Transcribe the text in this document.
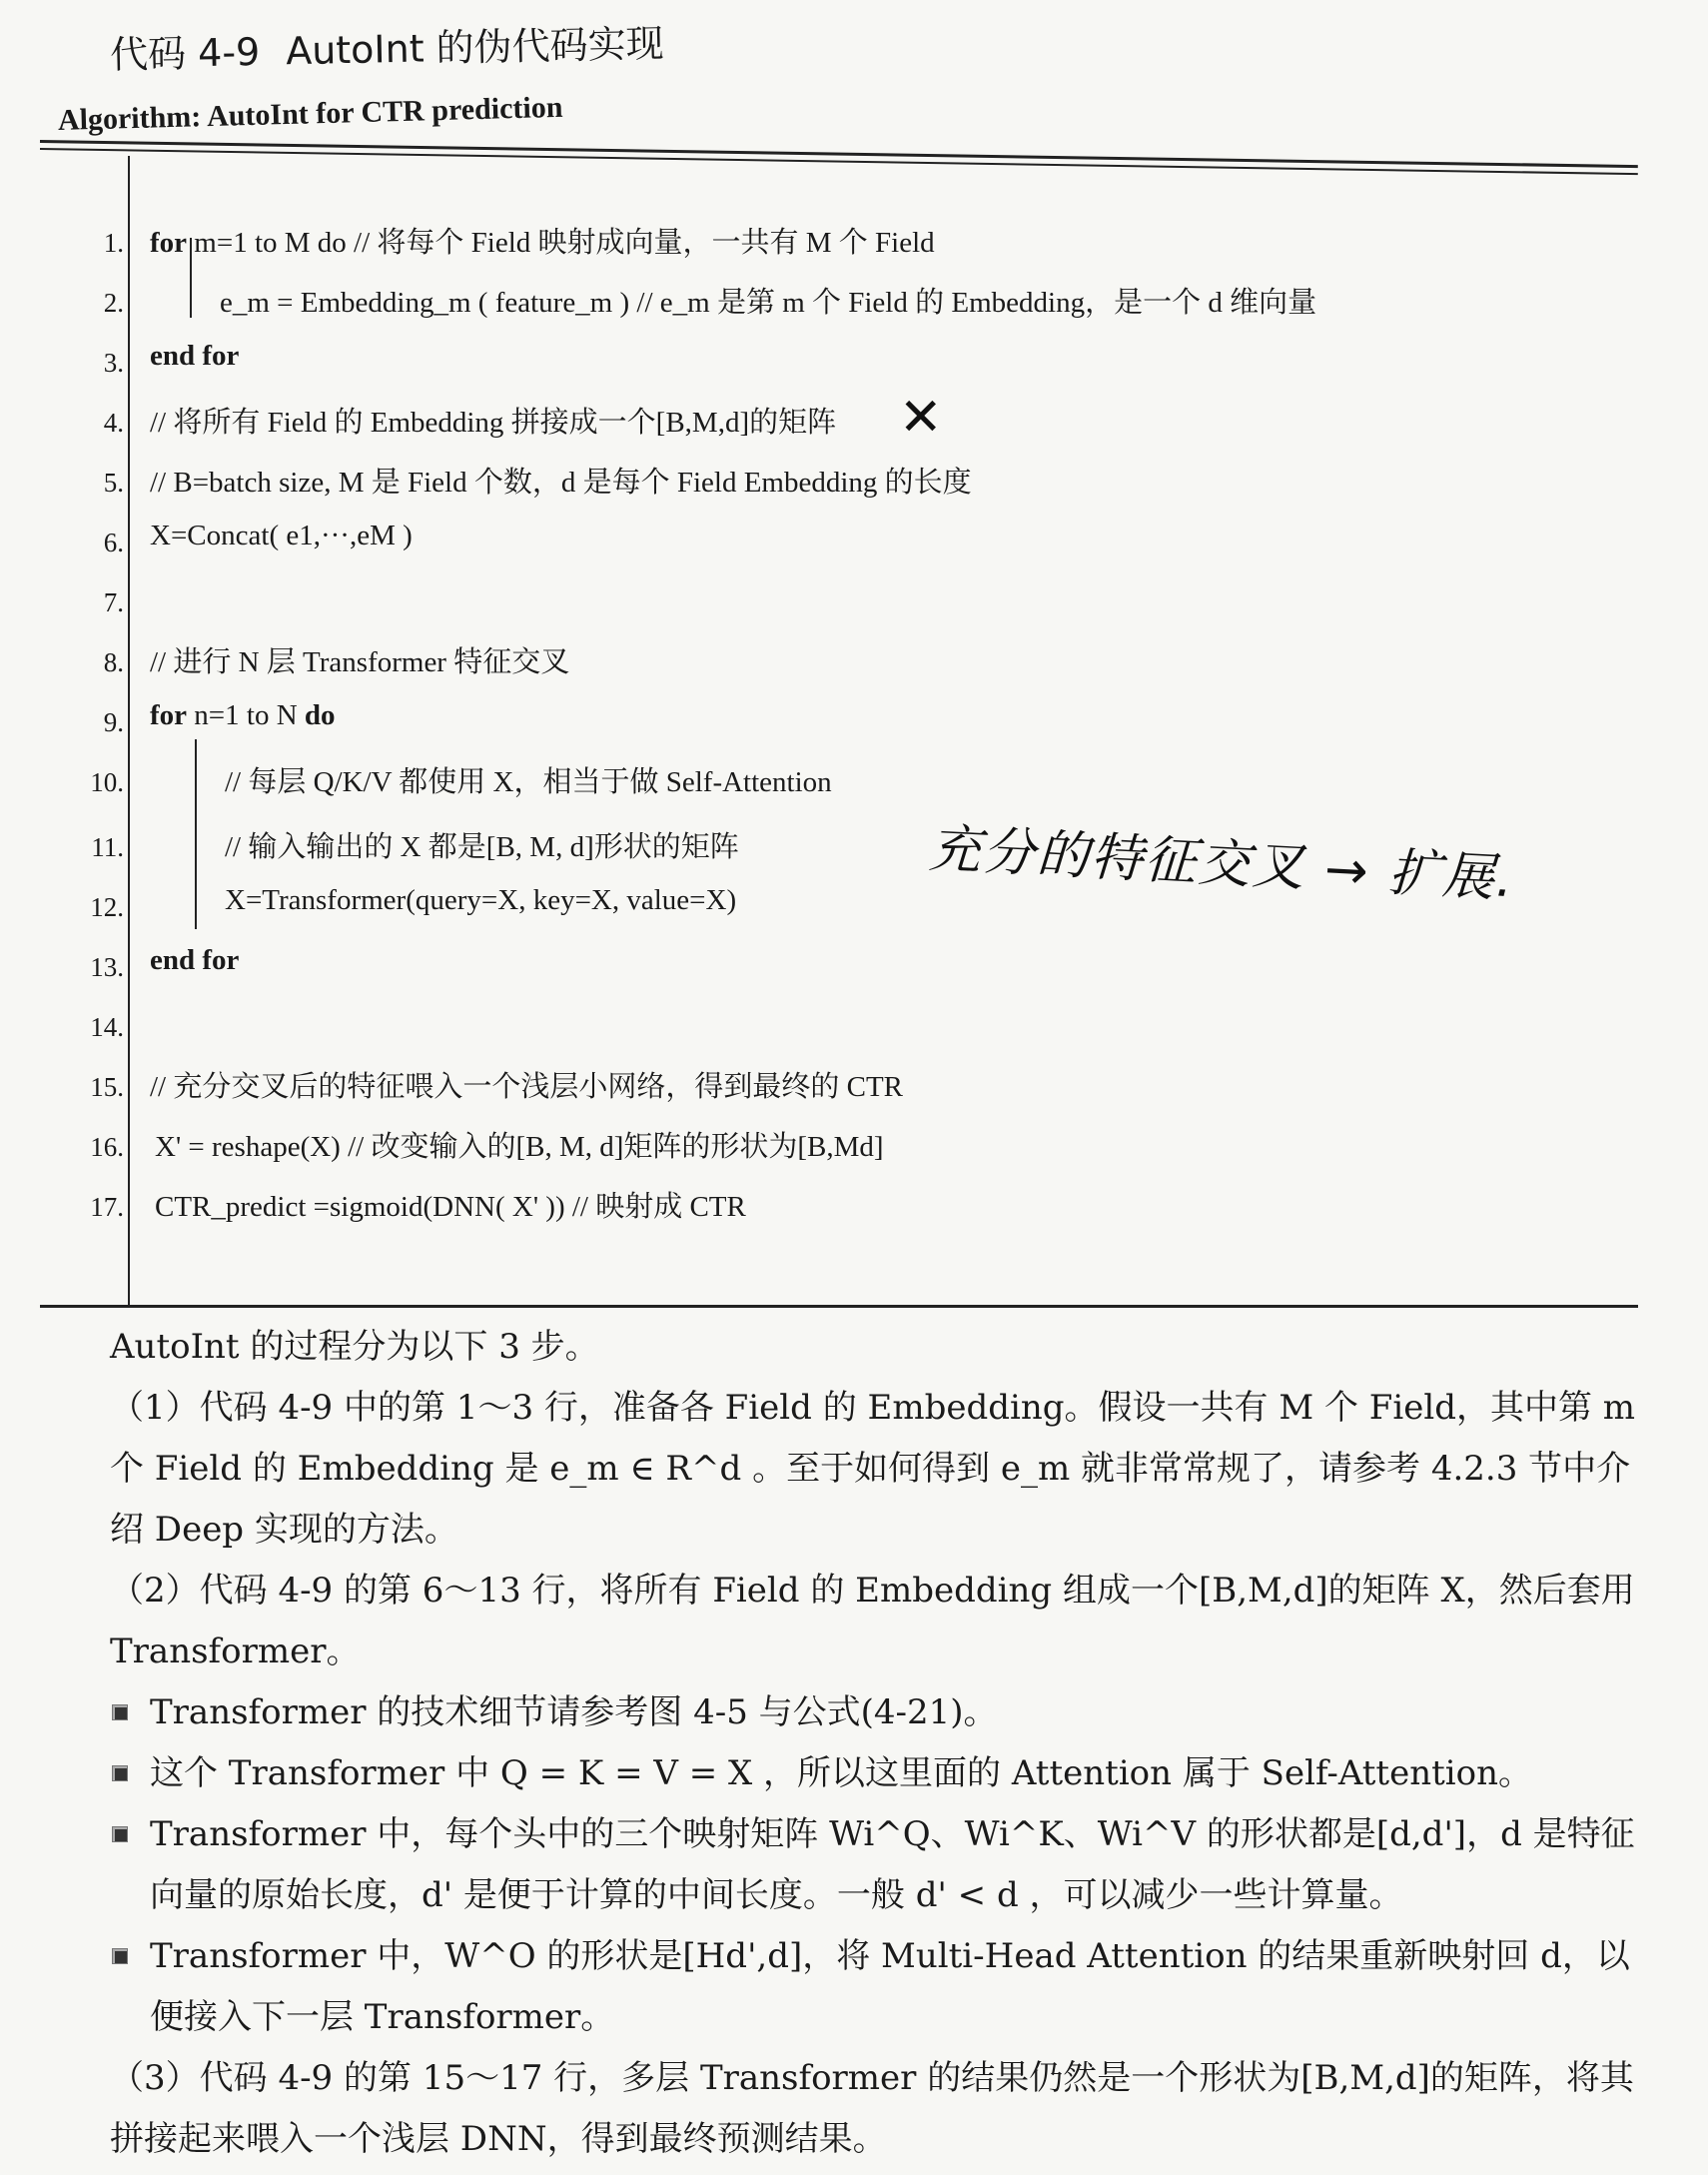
代码 4-9 AutoInt 的伪代码实现
Algorithm: AutoInt for CTR prediction
1. for m=1 to M do // 将每个 Field 映射成向量，一共有 M 个 Field
2.	e_m = Embedding_m ( feature_m ) // e_m 是第 m 个 Field 的 Embedding，是一个 d 维向量
3. end for
4. // 将所有 Field 的 Embedding 拼接成一个[B,M,d]的矩阵
5. // B=batch size, M 是 Field 个数，d 是每个 Field Embedding 的长度
6. X=Concat( e1,···,eM )
7.
8. // 进行 N 层 Transformer 特征交叉
9. for n=1 to N do
10.	// 每层 Q/K/V 都使用 X，相当于做 Self-Attention
11.	// 输入输出的 X 都是[B, M, d]形状的矩阵
12.	X=Transformer(query=X, key=X, value=X)
13. end for
14.
15. // 充分交叉后的特征喂入一个浅层小网络，得到最终的 CTR
16. X' = reshape(X) // 改变输入的[B, M, d]矩阵的形状为[B,Md]
17. CTR_predict =sigmoid(DNN( X' )) // 映射成 CTR
✕
充分的特征交叉 → 扩展.

AutoInt 的过程分为以下 3 步。

（1）代码 4-9 中的第 1～3 行，准备各 Field 的 Embedding。假设一共有 M 个 Field，其中第 m 个 Field 的 Embedding 是 e_m ∈ R^d 。至于如何得到 e_m 就非常常规了，请参考 4.2.3 节中介绍 Deep 实现的方法。

（2）代码 4-9 的第 6～13 行，将所有 Field 的 Embedding 组成一个[B,M,d]的矩阵 X，然后套用 Transformer。

Transformer 的技术细节请参考图 4-5 与公式(4-21)。
这个 Transformer 中 Q = K = V = X ，所以这里面的 Attention 属于 Self-Attention。
Transformer 中，每个头中的三个映射矩阵 Wi^Q、Wi^K、Wi^V 的形状都是[d,d']，d 是特征向量的原始长度，d' 是便于计算的中间长度。一般 d' < d ，可以减少一些计算量。
Transformer 中，W^O 的形状是[Hd',d]，将 Multi-Head Attention 的结果重新映射回 d，以便接入下一层 Transformer。

（3）代码 4-9 的第 15～17 行，多层 Transformer 的结果仍然是一个形状为[B,M,d]的矩阵，将其拼接起来喂入一个浅层 DNN，得到最终预测结果。
